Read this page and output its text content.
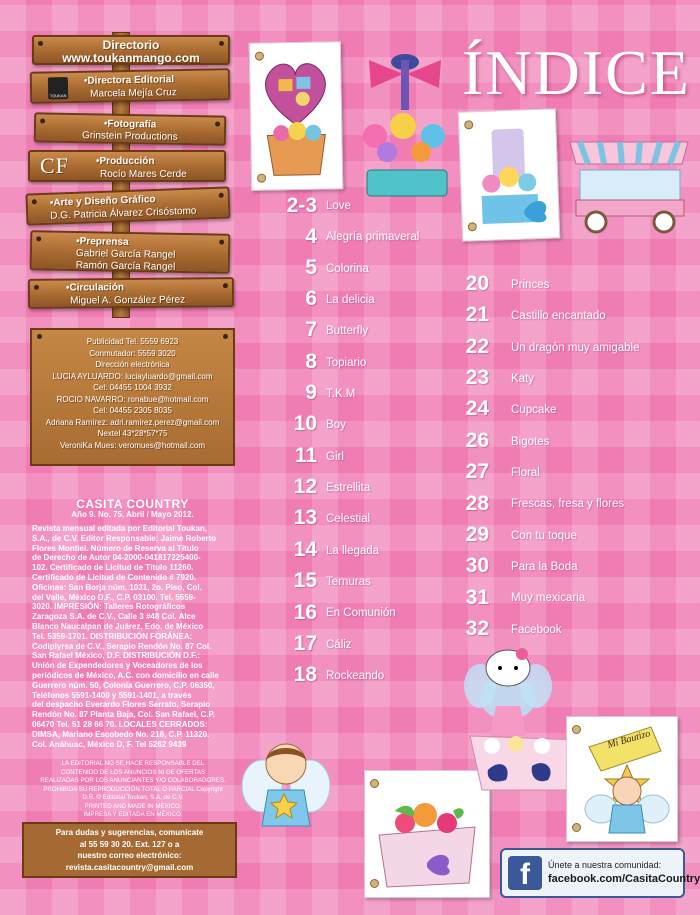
Directorio
www.toukanmango.com
TOUKAN
•Directora Editorial
Marcela Mejía Cruz
•Fotografía
Grinstein Productions
CF	•Producción
Rocío Mares Cerde
•Arte y Diseño Gráfico
D.G. Patricia Álvarez Crisóstomo
•Preprensa
Gabriel García Rangel
Ramón García Rangel
•Circulación
Miguel A. González Pérez
Publicidad Tel. 5559 6923
Conmutador: 5559 3020
Dirección electrónica
LUCIA AYLUARDO: luciayluardo@gmail.com
Cel: 04455 1004 3932
ROCIO NAVARRO: ronabue@hotmail.com
Cel: 04455 2305 8035
Adriana Ramírez: adri.ramirez.perez@gmail.com
Nextel 43*28*57*75
VeroniKa Mues: veromues@hotmail.com
CASITA COUNTRY
Año 9. No. 75. Abril / Mayo 2012.
Revista mensual editada por Editorial Toukan,
S.A., de C.V. Editor Responsable: Jaime Roberto
Flores Montiel. Número de Reserva al Título
de Derecho de Autor 04-2000-041817225400-
102. Certificado de Licitud de Título 11260.
Certificado de Licitud de Contenido # 7920.
Oficinas: San Borja núm. 1031, 2o. Piso, Col.
del Valle, México D.F., C.P. 03100. Tel. 5559-
3020. IMPRESIÓN: Talleres Rotográficos
Zaragoza S.A. de C.V., Calle 3 #48 Col. Alce
Blanco Naucalpan de Juárez, Edo. de México
Tel. 5359-1701. DISTRIBUCIÓN FORÁNEA:
Codiplyrsa de C.V., Serapio Rendón No. 87 Col.
San Rafael México, D.F. DISTRIBUCIÓN D.F.:
Unión de Expendedores y Voceadores de los
periódicos de México, A.C. con domicilio en calle
Guerrero núm. 50, Colonia Guerrero, C.P. 06350,
Teléfonos 5591-1400 y 5591-1401, a través
del despacho Everardo Flores Serrato, Serapio
Rendón No. 87 Planta Baja, Col. San Rafael, C.P.
06470 Tel. 51 28 66 70. LOCALES CERRADOS:
DIMSA, Mariano Escobedo No. 218, C.P. 11320.
Col. Anáhuac, México D, F. Tel 5262 9439
LA EDITORIAL NO SE HACE RESPONSABLE DEL
CONTENIDO DE LOS ANUNCIOS NI DE OFERTAS
REALIZADAS POR LOS ANUNCIANTES Y/O COLABORADORES.
PROHIBIDA SU REPRODUCCIÓN TOTAL O PARCIAL Copyright
D.R. © Editorial Toukan, S.A. de C.V.
PRINTED AND MADE IN MEXICO.
IMPRESA Y EDITADA EN MÉXICO.
Para dudas y sugerencias, comunícate
al 55 59 30 20. Ext. 127 o a
nuestro correo electrónico:
revista.casitacountry@gmail.com
ÍNDICE
2-3 Love
4 Alegría primaveral
5 Colorina
6 La delicia
7 Butterfly
8 Topiario
9 T.K.M
10 Boy
11 Girl
12 Estrellita
13 Celestial
14 La llegada
15 Ternuras
16 En Comunión
17 Cáliz
18 Rockeando
20 Princes
21 Castillo encantado
22 Un dragón muy amigable
23 Katy
24 Cupcake
26 Bigotes
27 Floral
28 Frescas, fresa y flores
29 Con tu toque
30 Para la Boda
31 Muy mexicana
32 Facebook
Mi Bautizo
f	Únete a nuestra comunidad:
facebook.com/CasitaCountry
